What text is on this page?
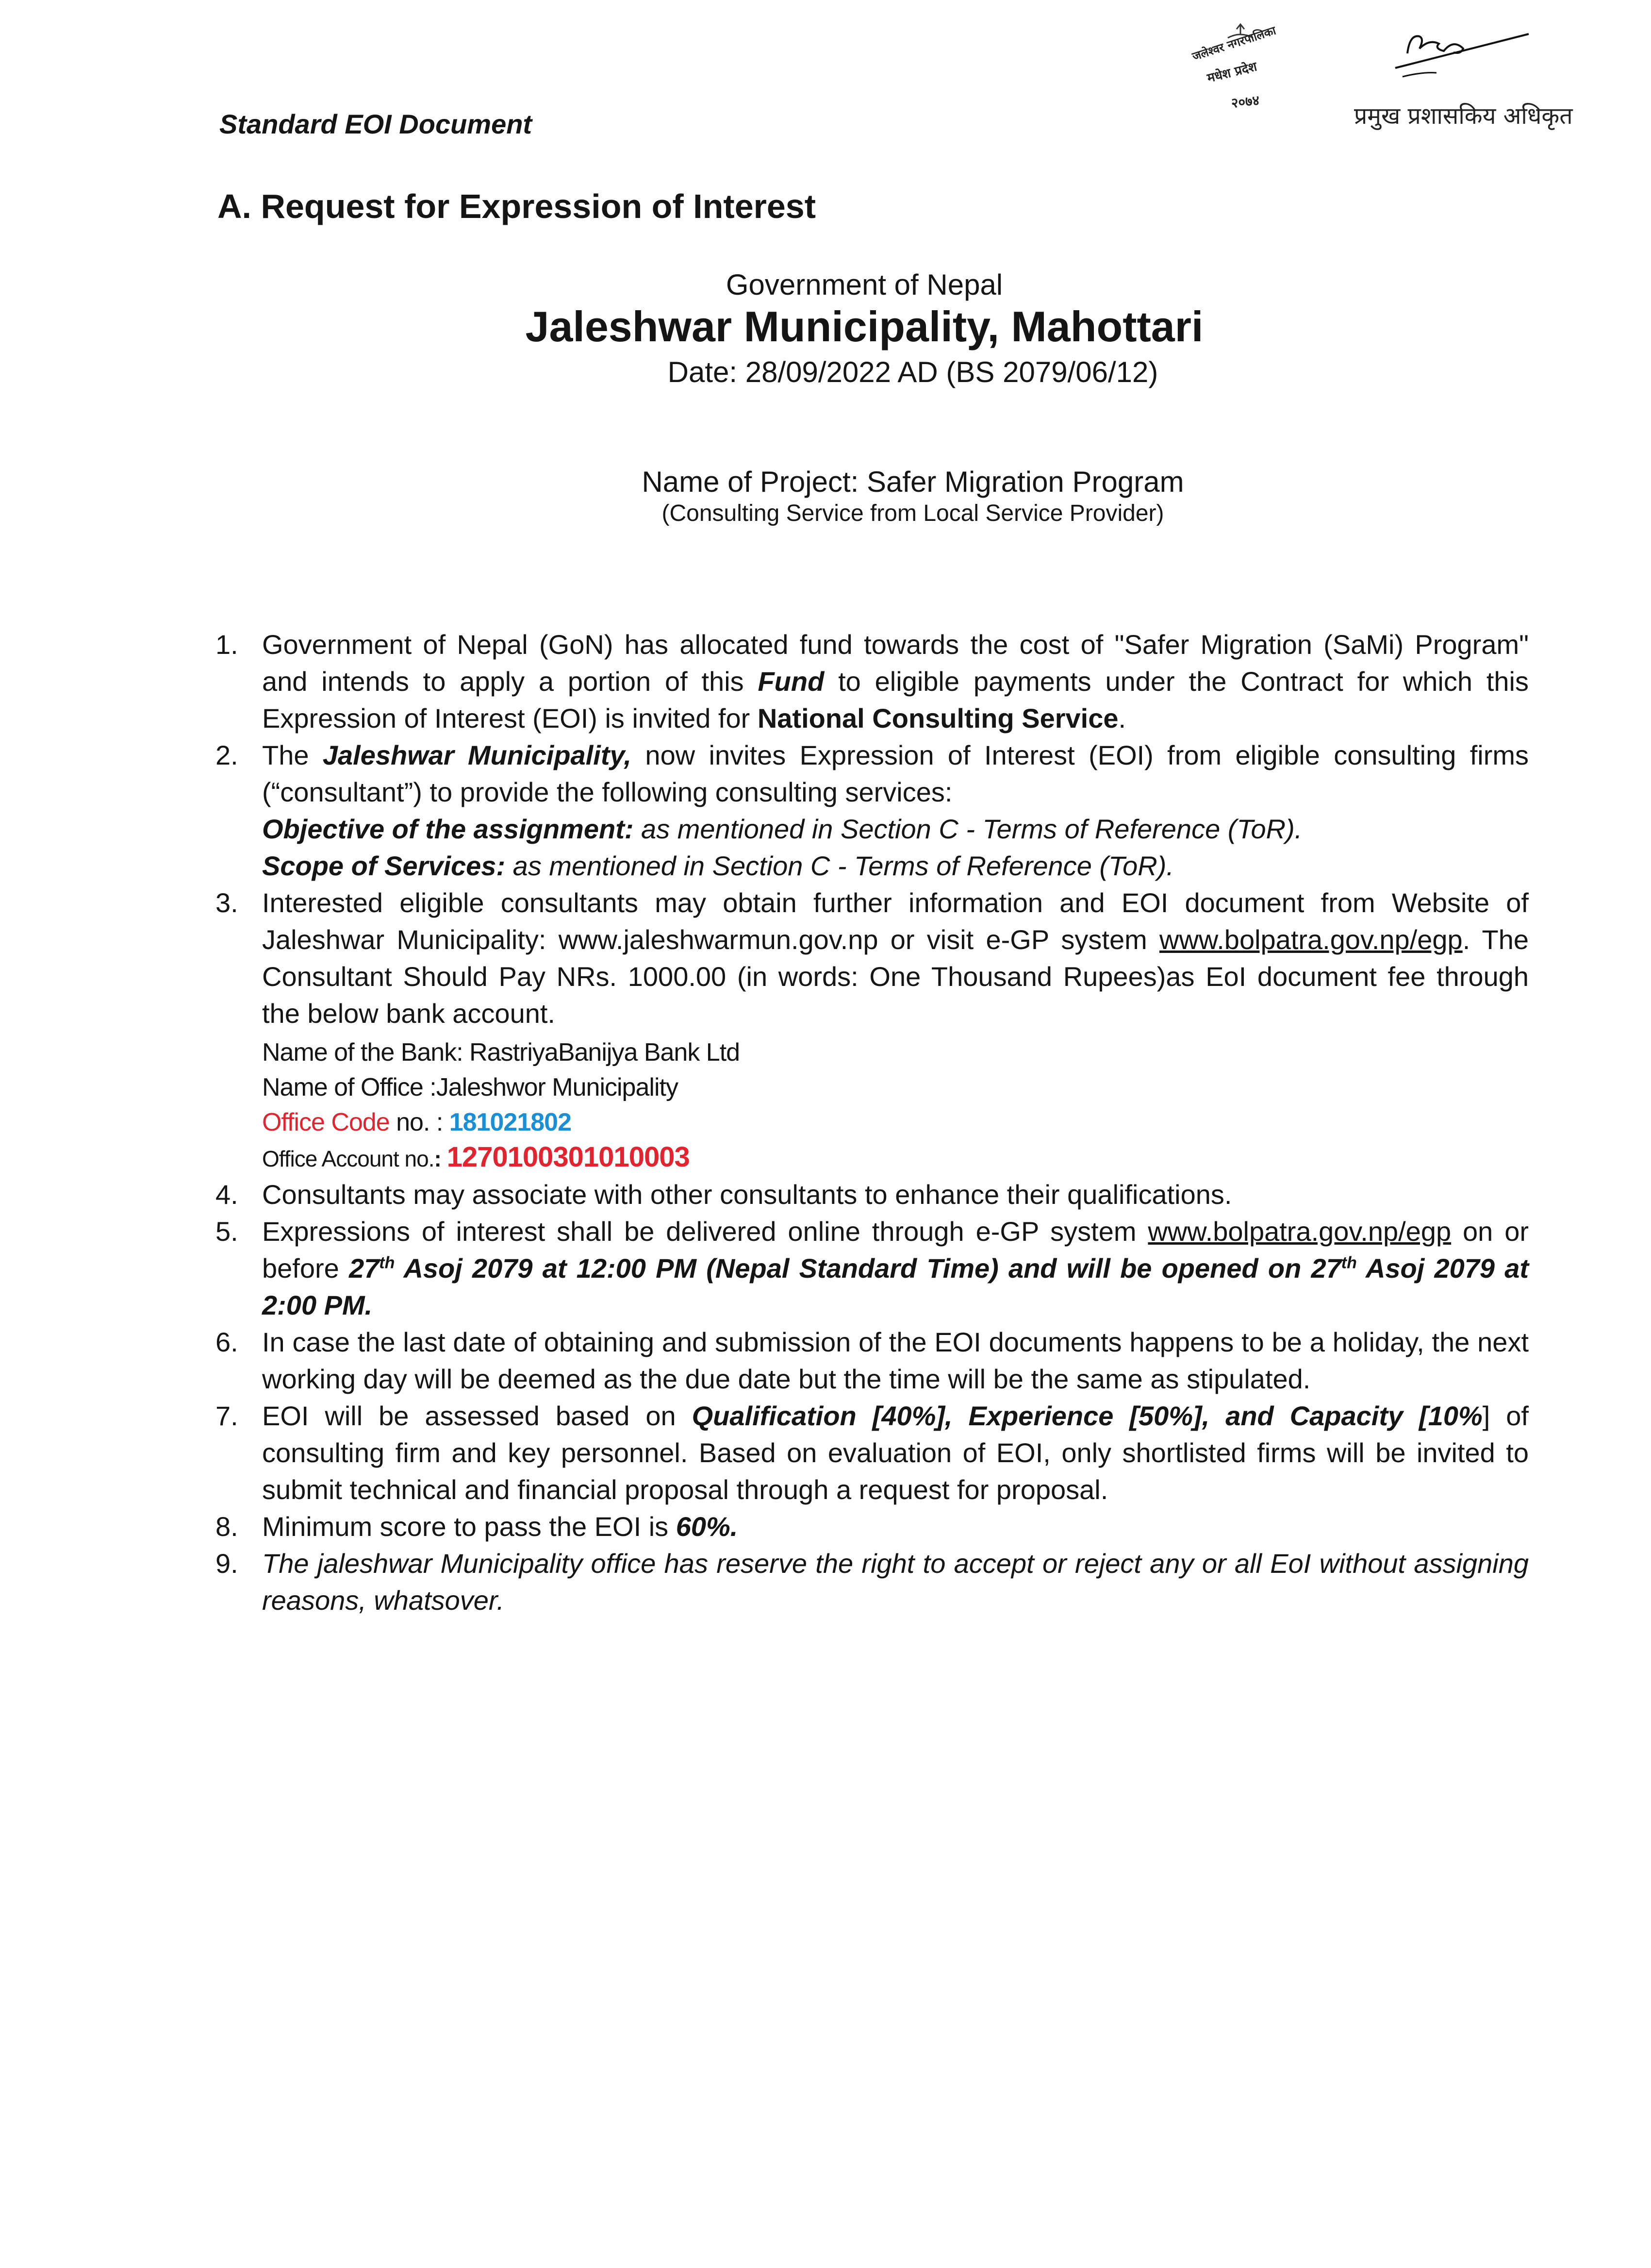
Standard EOI Document
जलेश्वर नगरपालिका
मधेश प्रदेश
२०७४
प्रमुख प्रशासकिय अधिकृत
A. Request for Expression of Interest
Government of Nepal
Jaleshwar Municipality, Mahottari
Date: 28/09/2022 AD (BS 2079/06/12)
Name of Project: Safer Migration Program
(Consulting Service from Local Service Provider)
1. Government of Nepal (GoN) has allocated fund towards the cost of "Safer Migration (SaMi) Program" and intends to apply a portion of this Fund to eligible payments under the Contract for which this Expression of Interest (EOI) is invited for National Consulting Service.
2. The Jaleshwar Municipality, now invites Expression of Interest (EOI) from eligible consulting firms (“consultant”) to provide the following consulting services:
Objective of the assignment: as mentioned in Section C - Terms of Reference (ToR).
Scope of Services: as mentioned in Section C - Terms of Reference (ToR).
3. Interested eligible consultants may obtain further information and EOI document from Website of Jaleshwar Municipality: www.jaleshwarmun.gov.np or visit e-GP system www.bolpatra.gov.np/egp. The Consultant Should Pay NRs. 1000.00 (in words: One Thousand Rupees)as EoI document fee through the below bank account.
Name of the Bank: RastriyaBanijya Bank Ltd
Name of Office :Jaleshwor Municipality
Office Code no. : 181021802
Office Account no.: 1270100301010003
4. Consultants may associate with other consultants to enhance their qualifications.
5. Expressions of interest shall be delivered online through e-GP system www.bolpatra.gov.np/egp on or before 27th Asoj 2079 at 12:00 PM (Nepal Standard Time) and will be opened on 27th Asoj 2079 at 2:00 PM.
6. In case the last date of obtaining and submission of the EOI documents happens to be a holiday, the next working day will be deemed as the due date but the time will be the same as stipulated.
7. EOI will be assessed based on Qualification [40%], Experience [50%], and Capacity [10%] of consulting firm and key personnel. Based on evaluation of EOI, only shortlisted firms will be invited to submit technical and financial proposal through a request for proposal.
8. Minimum score to pass the EOI is 60%.
9. The jaleshwar Municipality office has reserve the right to accept or reject any or all EoI without assigning reasons, whatsover.
